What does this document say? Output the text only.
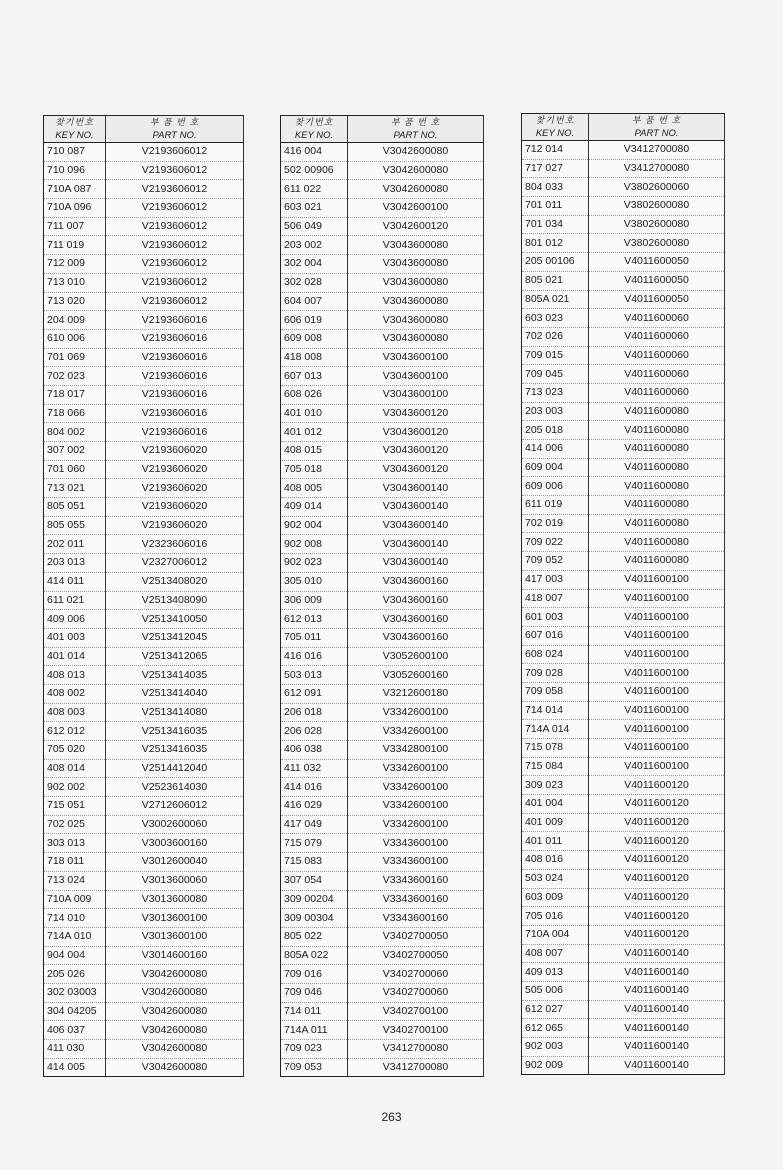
찾기번호	부 품 번 호
KEY NO.	PART NO.
710 087	V2193606012
710 096	V2193606012
710A 087	V2193606012
710A 096	V2193606012
711 007	V2193606012
711 019	V2193606012
712 009	V2193606012
713 010	V2193606012
713 020	V2193606012
204 009	V2193606016
610 006	V2193606016
701 069	V2193606016
702 023	V2193606016
718 017	V2193606016
718 066	V2193606016
804 002	V2193606016
307 002	V2193606020
701 060	V2193606020
713 021	V2193606020
805 051	V2193606020
805 055	V2193606020
202 011	V2323606016
203 013	V2327006012
414 011	V2513408020
611 021	V2513408090
409 006	V2513410050
401 003	V2513412045
401 014	V2513412065
408 013	V2513414035
408 002	V2513414040
408 003	V2513414080
612 012	V2513416035
705 020	V2513416035
408 014	V2514412040
902 002	V2523614030
715 051	V2712606012
702 025	V3002600060
303 013	V3003600160
718 011	V3012600040
713 024	V3013600060
710A 009	V3013600080
714 010	V3013600100
714A 010	V3013600100
904 004	V3014600160
205 026	V3042600080
302 03003	V3042600080
304 04205	V3042600080
406 037	V3042600080
411 030	V3042600080
414 005	V3042600080
찾기번호	부 품 번 호
KEY NO.	PART NO.
416 004	V3042600080
502 00906	V3042600080
611 022	V3042600080
603 021	V3042600100
506 049	V3042600120
203 002	V3043600080
302 004	V3043600080
302 028	V3043600080
604 007	V3043600080
606 019	V3043600080
609 008	V3043600080
418 008	V3043600100
607 013	V3043600100
608 026	V3043600100
401 010	V3043600120
401 012	V3043600120
408 015	V3043600120
705 018	V3043600120
408 005	V3043600140
409 014	V3043600140
902 004	V3043600140
902 008	V3043600140
902 023	V3043600140
305 010	V3043600160
306 009	V3043600160
612 013	V3043600160
705 011	V3043600160
416 016	V3052600100
503 013	V3052600160
612 091	V3212600180
206 018	V3342600100
206 028	V3342600100
406 038	V3342800100
411 032	V3342600100
414 016	V3342600100
416 029	V3342600100
417 049	V3342600100
715 079	V3343600100
715 083	V3343600100
307 054	V3343600160
309 00204	V3343600160
309 00304	V3343600160
805 022	V3402700050
805A 022	V3402700050
709 016	V3402700060
709 046	V3402700060
714 011	V3402700100
714A 011	V3402700100
709 023	V3412700080
709 053	V3412700080
찾기번호	부 품 번 호
KEY NO.	PART NO.
712 014	V3412700080
717 027	V3412700080
804 033	V3802600060
701 011	V3802600080
701 034	V3802600080
801 012	V3802600080
205 00106	V4011600050
805 021	V4011600050
805A 021	V4011600050
603 023	V4011600060
702 026	V4011600060
709 015	V4011600060
709 045	V4011600060
713 023	V4011600060
203 003	V4011600080
205 018	V4011600080
414 006	V4011600080
609 004	V4011600080
609 006	V4011600080
611 019	V4011600080
702 019	V4011600080
709 022	V4011600080
709 052	V4011600080
417 003	V4011600100
418 007	V4011600100
601 003	V4011600100
607 016	V4011600100
608 024	V4011600100
709 028	V4011600100
709 058	V4011600100
714 014	V4011600100
714A 014	V4011600100
715 078	V4011600100
715 084	V4011600100
309 023	V4011600120
401 004	V4011600120
401 009	V4011600120
401 011	V4011600120
408 016	V4011600120
503 024	V4011600120
603 009	V4011600120
705 016	V4011600120
710A 004	V4011600120
408 007	V4011600140
409 013	V4011600140
505 006	V4011600140
612 027	V4011600140
612 065	V4011600140
902 003	V4011600140
902 009	V4011600140
263
